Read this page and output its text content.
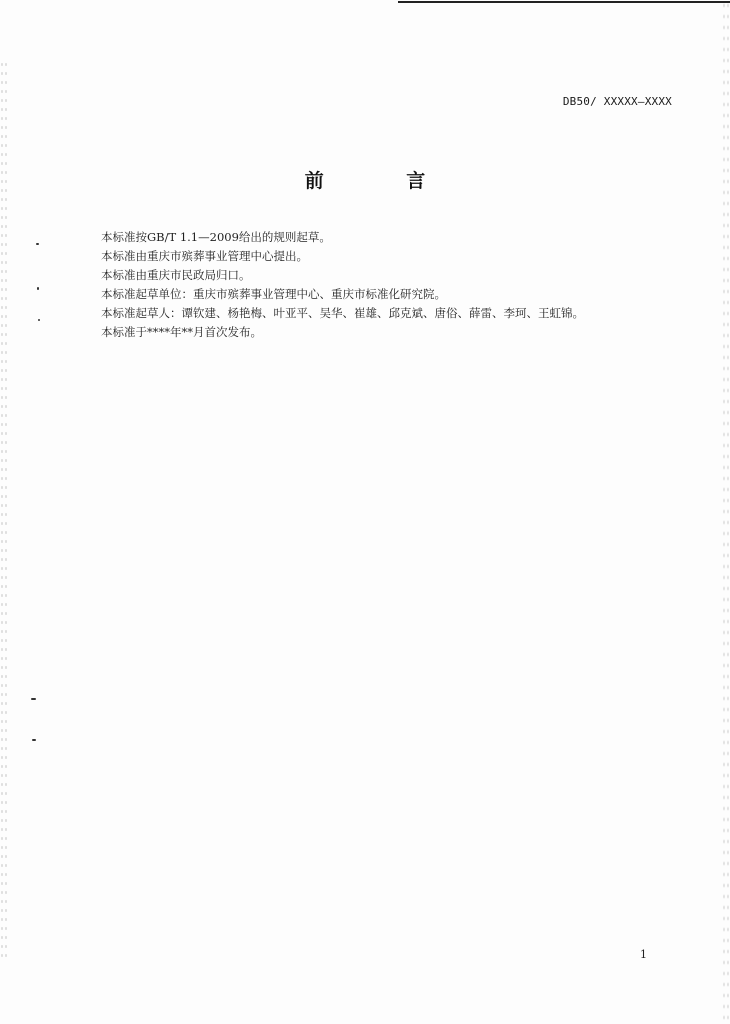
DB50/ XXXXX—XXXX
前 言
本标准按GB/T 1.1—2009给出的规则起草。
本标准由重庆市殡葬事业管理中心提出。
本标准由重庆市民政局归口。
本标准起草单位：重庆市殡葬事业管理中心、重庆市标准化研究院。
本标准起草人：谭钦建、杨艳梅、叶亚平、吴华、崔雄、邱克斌、唐俗、薛雷、李珂、王虹锦。
本标准于****年**月首次发布。
1
